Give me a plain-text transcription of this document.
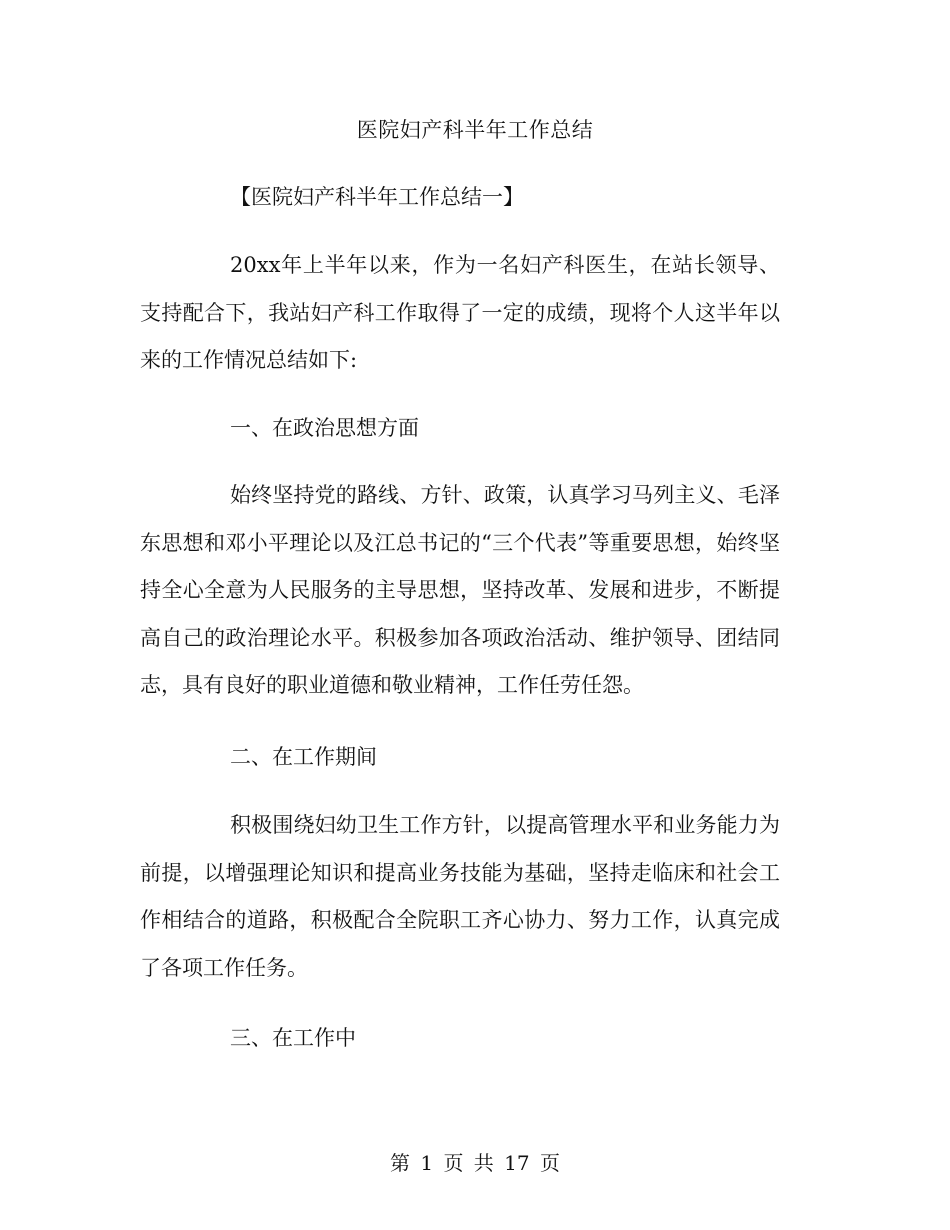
医院妇产科半年工作总结
【医院妇产科半年工作总结一】

20xx年上半年以来，作为一名妇产科医生，在站长领导、支持配合下，我站妇产科工作取得了一定的成绩，现将个人这半年以来的工作情况总结如下:

一、在政治思想方面

始终坚持党的路线、方针、政策，认真学习马列主义、毛泽东思想和邓小平理论以及江总书记的“三个代表”等重要思想，始终坚持全心全意为人民服务的主导思想，坚持改革、发展和进步，不断提高自己的政治理论水平。积极参加各项政治活动、维护领导、团结同志，具有良好的职业道德和敬业精神，工作任劳任怨。

二、在工作期间

积极围绕妇幼卫生工作方针，以提高管理水平和业务能力为前提，以增强理论知识和提高业务技能为基础，坚持走临床和社会工作相结合的道路，积极配合全院职工齐心协力、努力工作，认真完成了各项工作任务。

三、在工作中

第 1 页 共 17 页
